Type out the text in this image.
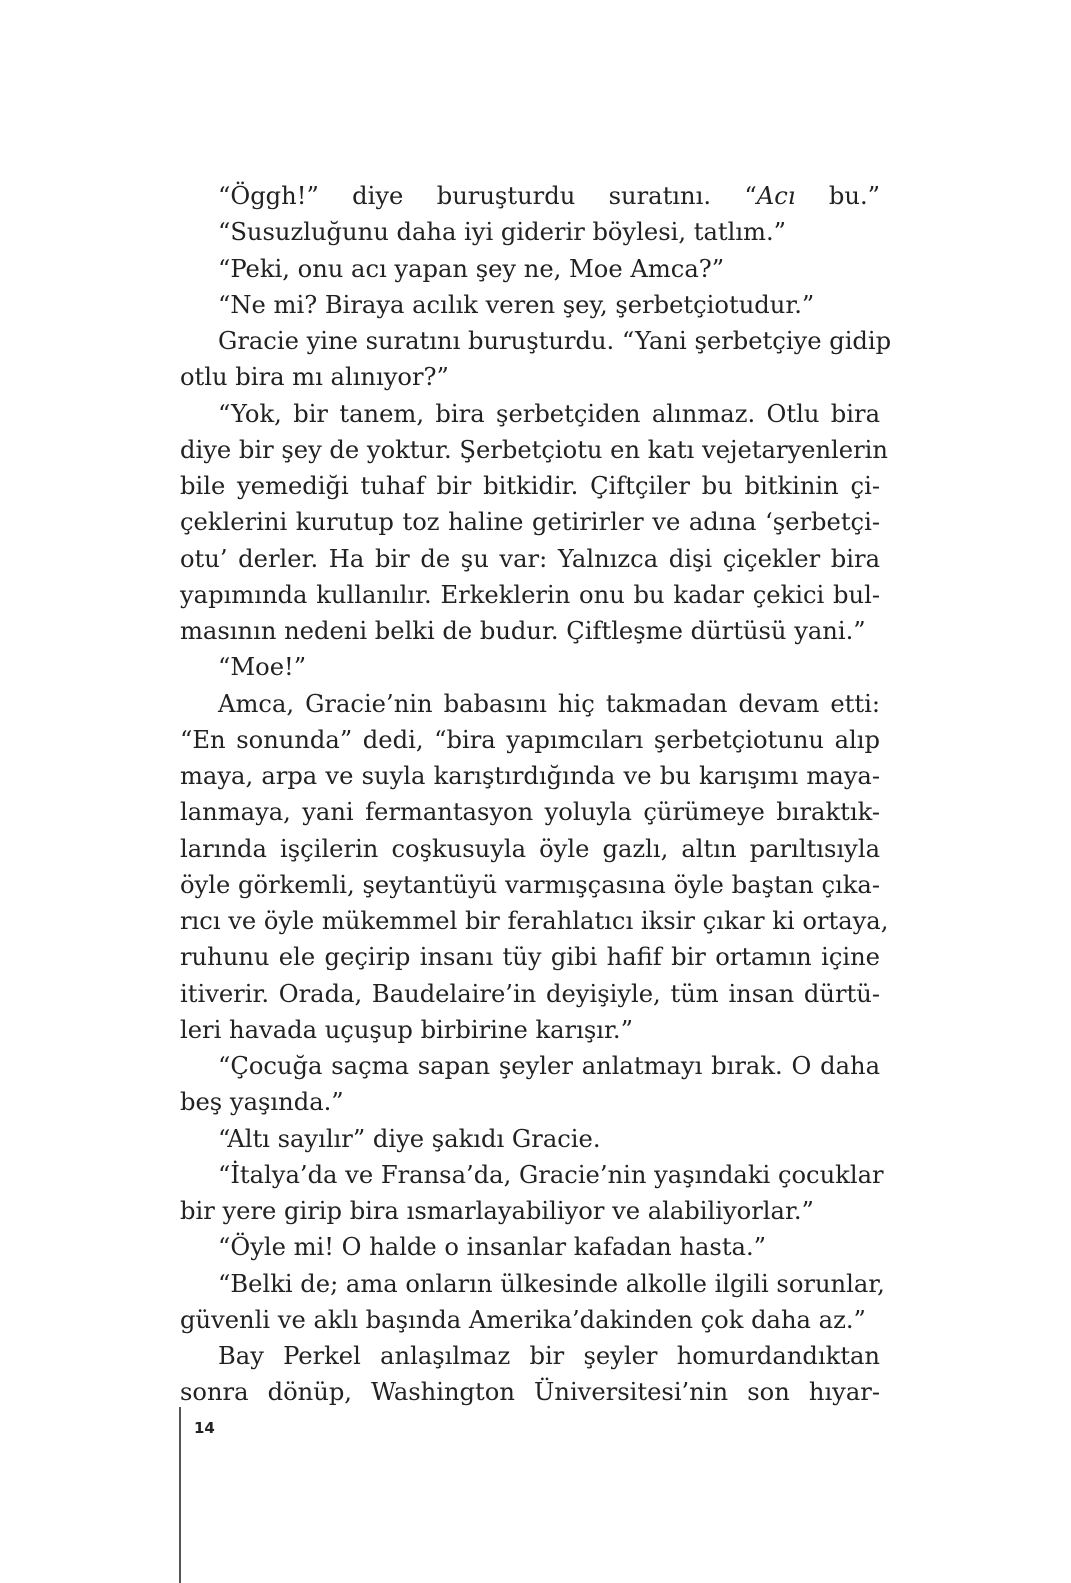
“Öggh!” diye buruşturdu suratını. “Acı bu.”
“Susuzluğunu daha iyi giderir böylesi, tatlım.”
“Peki, onu acı yapan şey ne, Moe Amca?”
“Ne mi? Biraya acılık veren şey, şerbetçiotudur.”
Gracie yine suratını buruşturdu. “Yani şerbetçiye gidip
otlu bira mı alınıyor?”
“Yok, bir tanem, bira şerbetçiden alınmaz. Otlu bira
diye bir şey de yoktur. Şerbetçiotu en katı vejetaryenlerin
bile yemediği tuhaf bir bitkidir. Çiftçiler bu bitkinin çi-
çeklerini kurutup toz haline getirirler ve adına ‘şerbetçi-
otu’ derler. Ha bir de şu var: Yalnızca dişi çiçekler bira
yapımında kullanılır. Erkeklerin onu bu kadar çekici bul-
masının nedeni belki de budur. Çiftleşme dürtüsü yani.”
“Moe!”
Amca, Gracie’nin babasını hiç takmadan devam etti:
“En sonunda” dedi, “bira yapımcıları şerbetçiotunu alıp
maya, arpa ve suyla karıştırdığında ve bu karışımı maya-
lanmaya, yani fermantasyon yoluyla çürümeye bıraktık-
larında işçilerin coşkusuyla öyle gazlı, altın parıltısıyla
öyle görkemli, şeytantüyü varmışçasına öyle baştan çıka-
rıcı ve öyle mükemmel bir ferahlatıcı iksir çıkar ki ortaya,
ruhunu ele geçirip insanı tüy gibi hafif bir ortamın içine
itiverir. Orada, Baudelaire’in deyişiyle, tüm insan dürtü-
leri havada uçuşup birbirine karışır.”
“Çocuğa saçma sapan şeyler anlatmayı bırak. O daha
beş yaşında.”
“Altı sayılır” diye şakıdı Gracie.
“İtalya’da ve Fransa’da, Gracie’nin yaşındaki çocuklar
bir yere girip bira ısmarlayabiliyor ve alabiliyorlar.”
“Öyle mi! O halde o insanlar kafadan hasta.”
“Belki de; ama onların ülkesinde alkolle ilgili sorunlar,
güvenli ve aklı başında Amerika’dakinden çok daha az.”
Bay Perkel anlaşılmaz bir şeyler homurdandıktan
sonra dönüp, Washington Üniversitesi’nin son hıyar-
14
